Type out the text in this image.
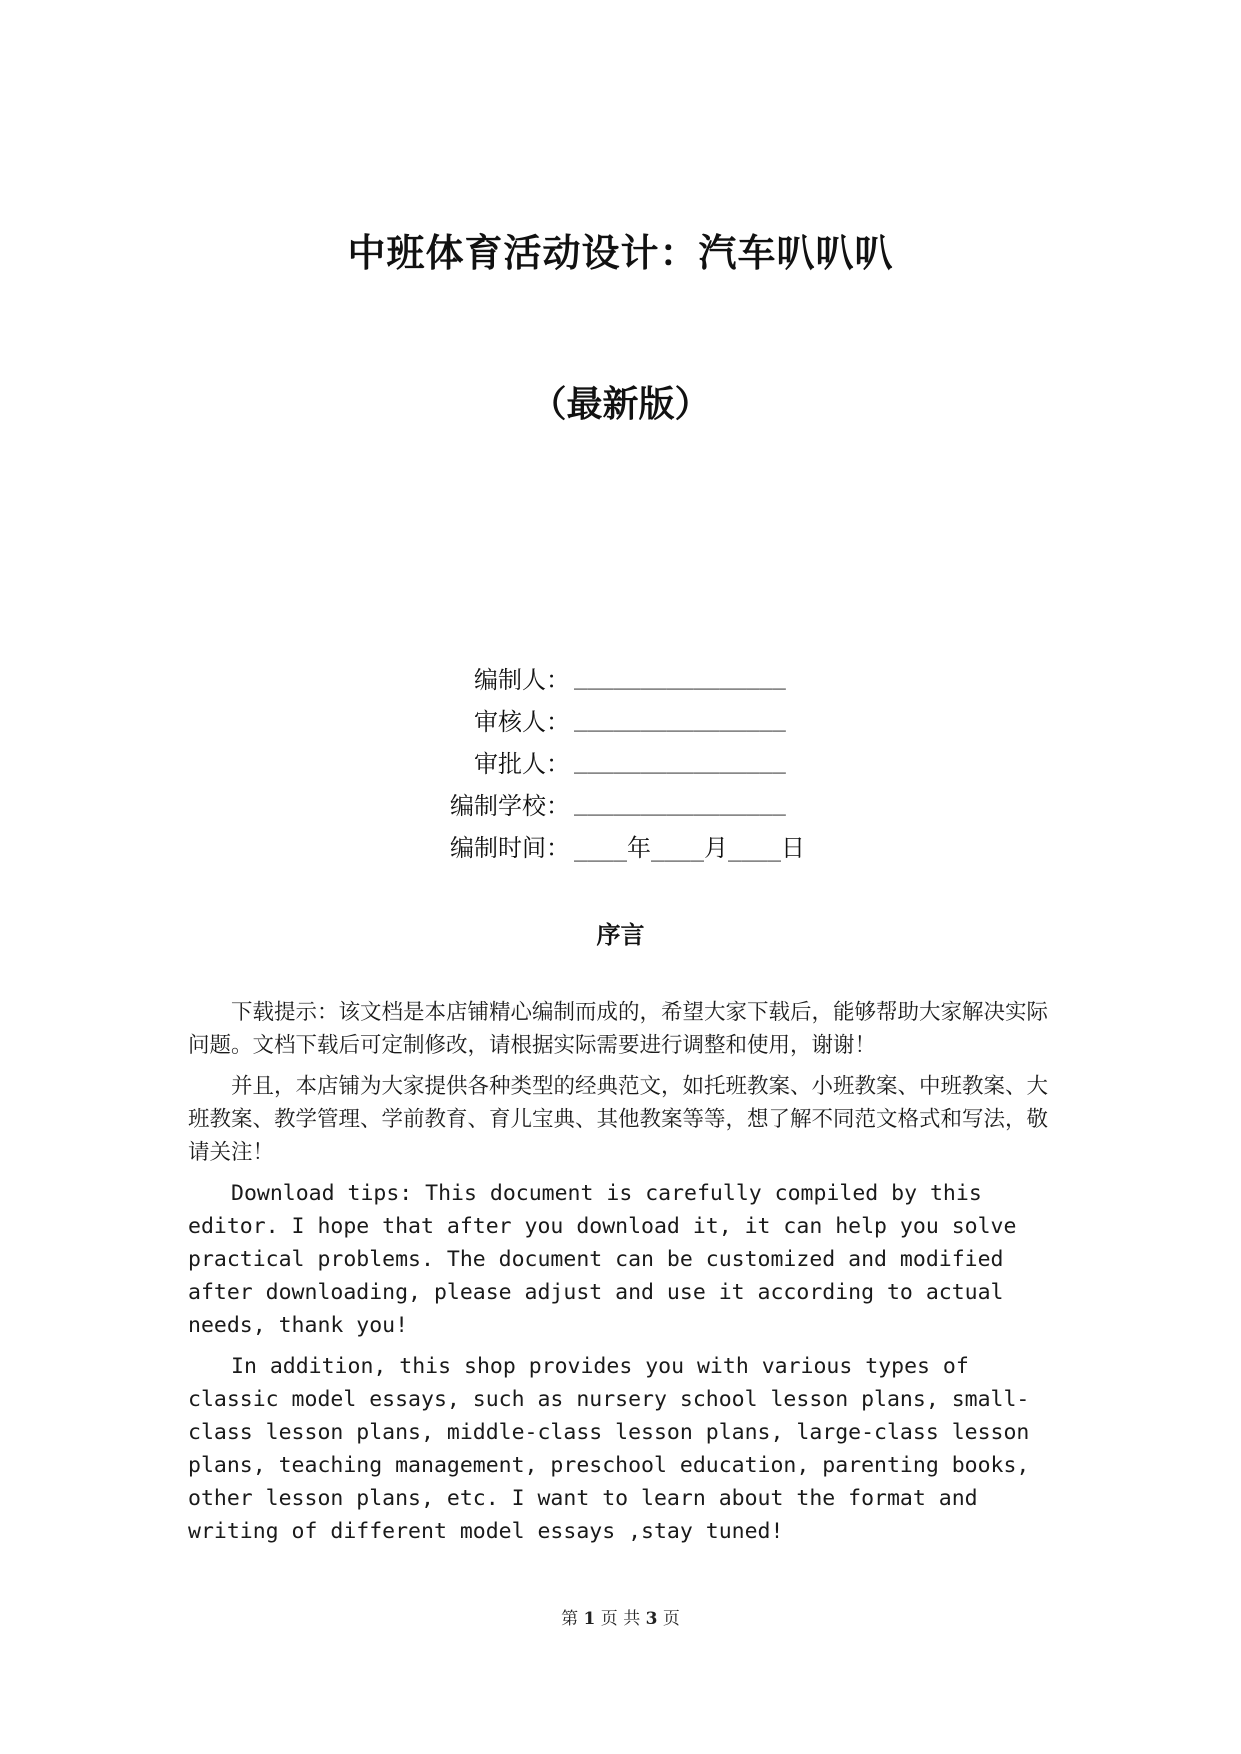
中班体育活动设计：汽车叭叭叭
（最新版）
编制人： ________________
审核人： ________________
审批人： ________________
编制学校： ________________
编制时间： ____年____月____日
序言

下载提示：该文档是本店铺精心编制而成的，希望大家下载后，能够帮助大家解决实际问题。文档下载后可定制修改，请根据实际需要进行调整和使用，谢谢！

并且，本店铺为大家提供各种类型的经典范文，如托班教案、小班教案、中班教案、大班教案、教学管理、学前教育、育儿宝典、其他教案等等，想了解不同范文格式和写法，敬请关注！

Download tips: This document is carefully compiled by this editor. I hope that after you download it, it can help you solve practical problems. The document can be customized and modified after downloading, please adjust and use it according to actual needs, thank you!

In addition, this shop provides you with various types of classic model essays, such as nursery school lesson plans, small-class lesson plans, middle-class lesson plans, large-class lesson plans, teaching management, preschool education, parenting books, other lesson plans, etc. I want to learn about the format and writing of different model essays ,stay tuned!

第 1 页 共 3 页
